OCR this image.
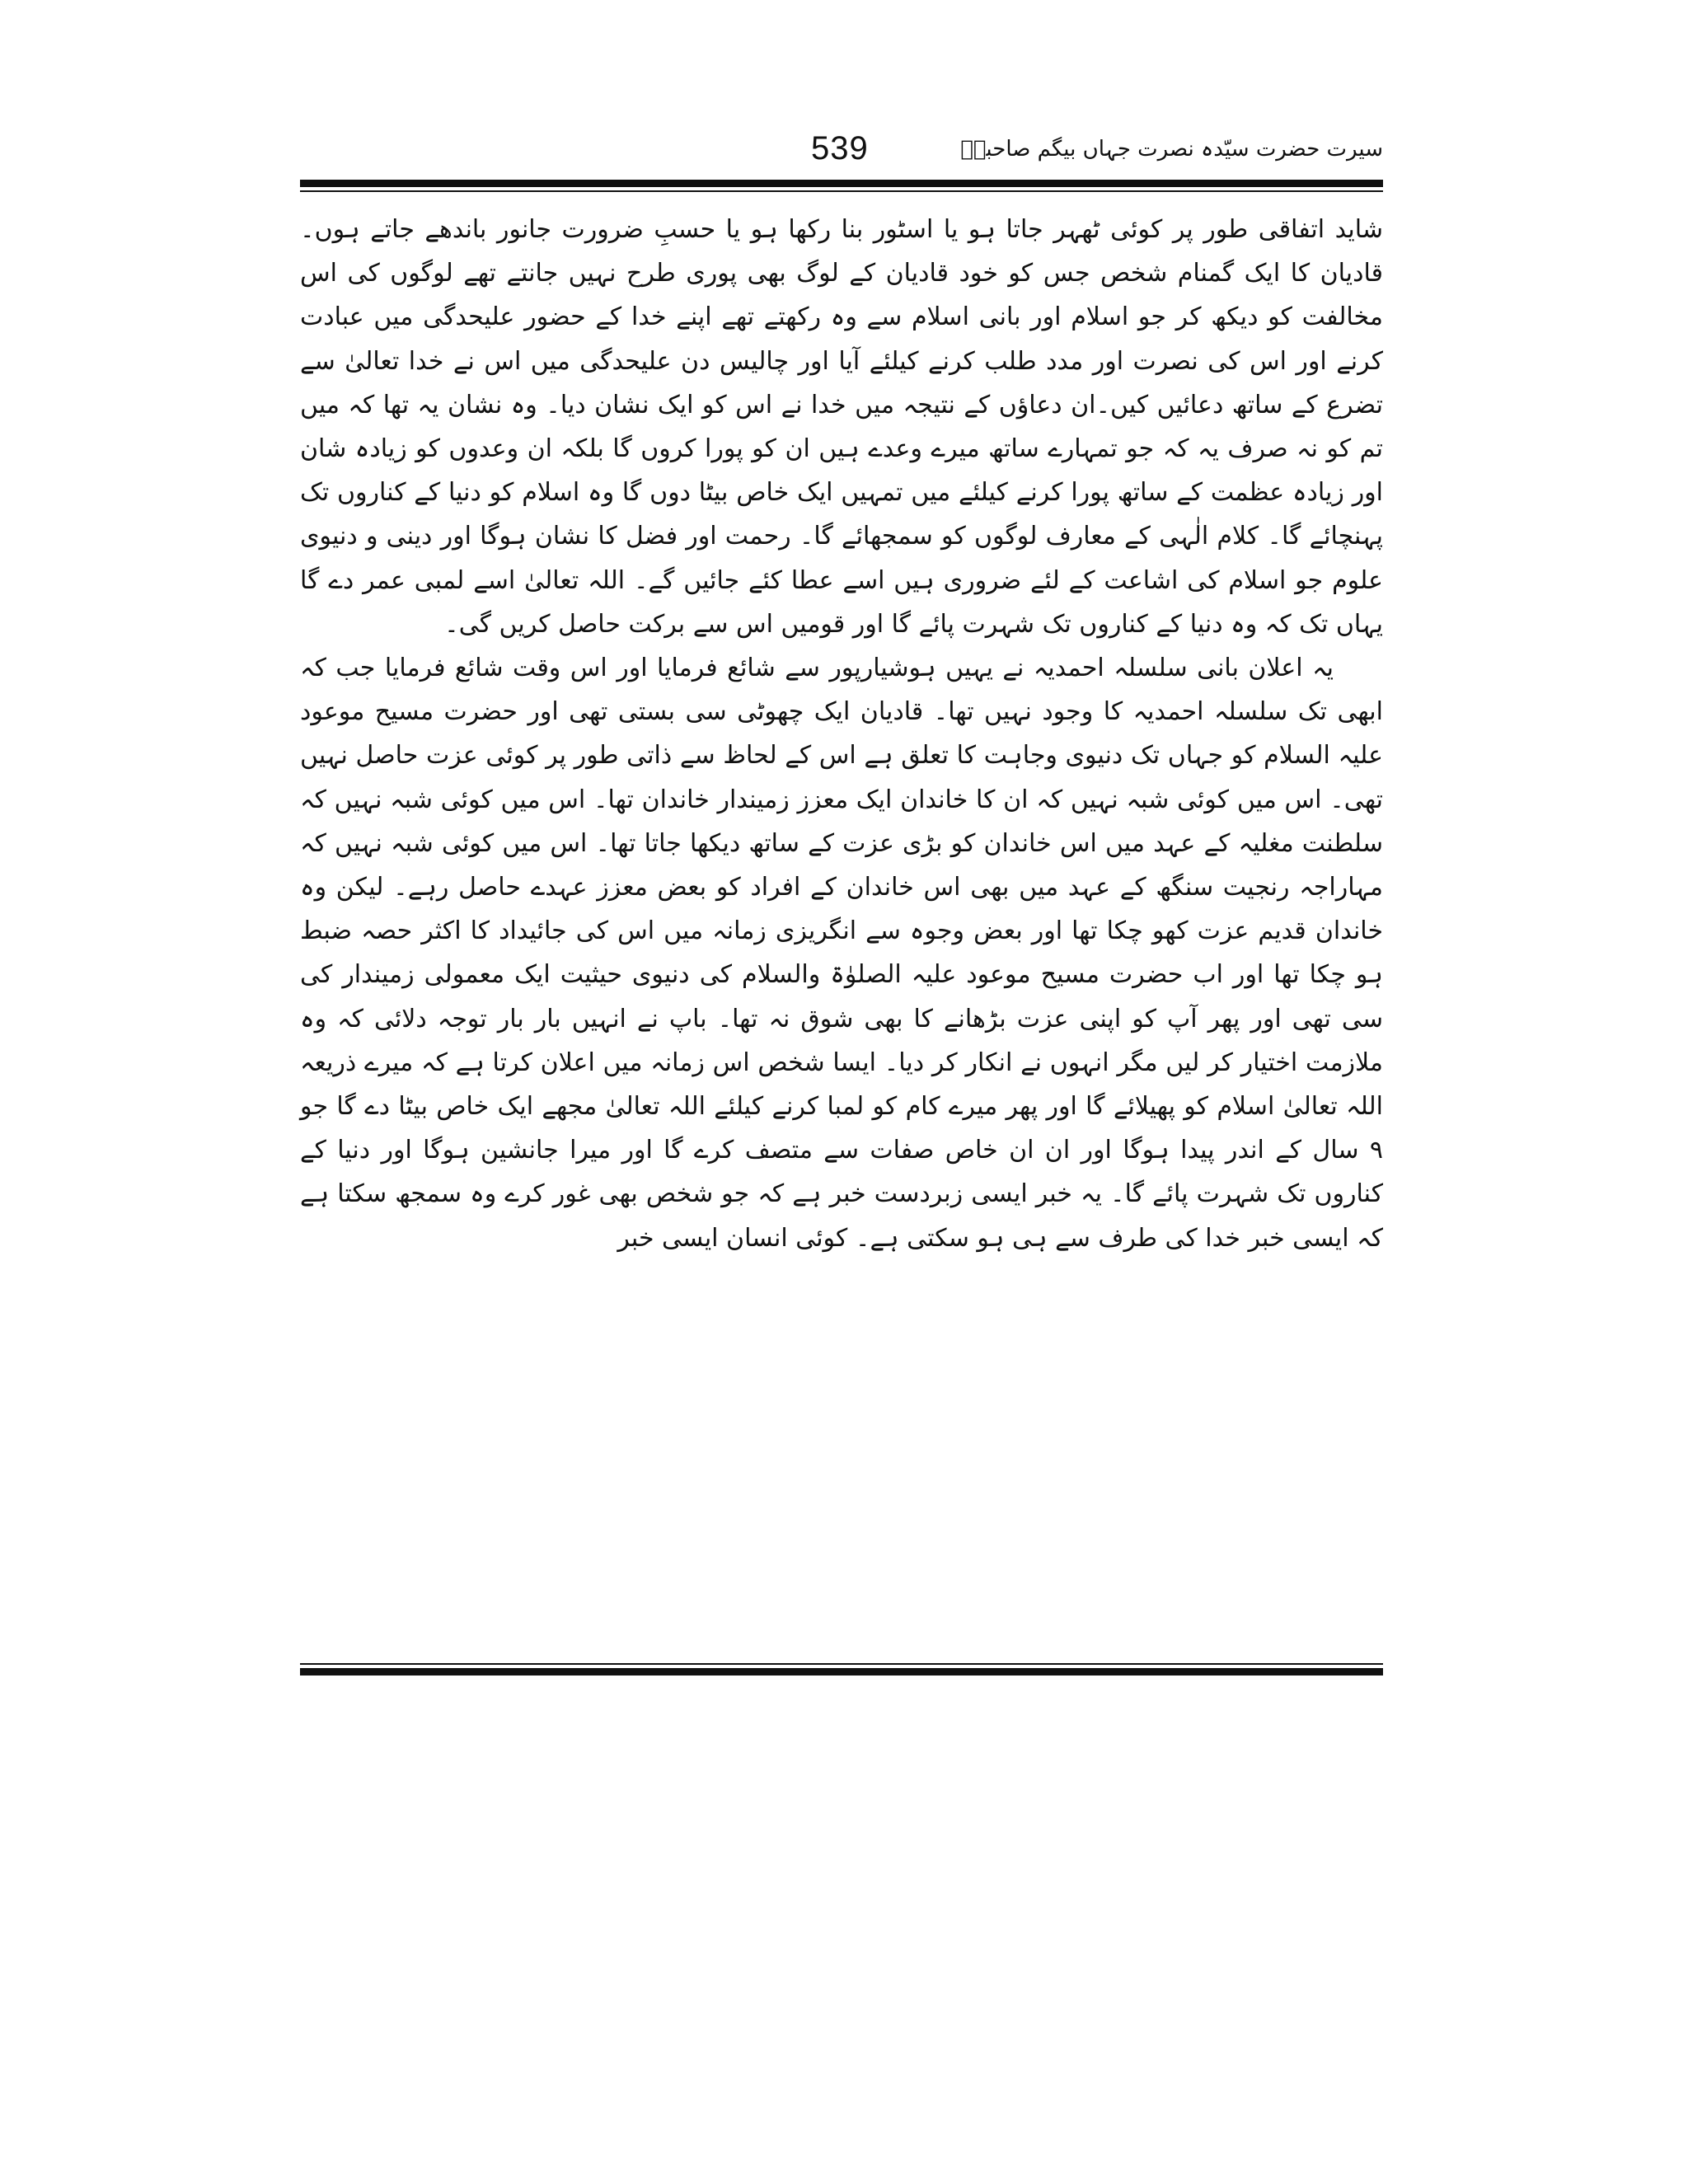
539	سیرت حضرت سیّدہ نصرت جہاں بیگم صاحبہؓ

شاید اتفاقی طور پر کوئی ٹھہر جاتا ہو یا اسٹور بنا رکھا ہو یا حسبِ ضرورت جانور باندھے جاتے ہوں۔ قادیان کا ایک گمنام شخص جس کو خود قادیان کے لوگ بھی پوری طرح نہیں جانتے تھے لوگوں کی اس مخالفت کو دیکھ کر جو اسلام اور بانی اسلام سے وہ رکھتے تھے اپنے خدا کے حضور علیحدگی میں عبادت کرنے اور اس کی نصرت اور مدد طلب کرنے کیلئے آیا اور چالیس دن علیحدگی میں اس نے خدا تعالیٰ سے تضرع کے ساتھ دعائیں کیں۔ان دعاؤں کے نتیجہ میں خدا نے اس کو ایک نشان دیا۔ وہ نشان یہ تھا کہ میں تم کو نہ صرف یہ کہ جو تمہارے ساتھ میرے وعدے ہیں ان کو پورا کروں گا بلکہ ان وعدوں کو زیادہ شان اور زیادہ عظمت کے ساتھ پورا کرنے کیلئے میں تمہیں ایک خاص بیٹا دوں گا وہ اسلام کو دنیا کے کناروں تک پہنچائے گا۔ کلام الٰہی کے معارف لوگوں کو سمجھائے گا۔ رحمت اور فضل کا نشان ہوگا اور دینی و دنیوی علوم جو اسلام کی اشاعت کے لئے ضروری ہیں اسے عطا کئے جائیں گے۔ اللہ تعالیٰ اسے لمبی عمر دے گا یہاں تک کہ وہ دنیا کے کناروں تک شہرت پائے گا اور قومیں اس سے برکت حاصل کریں گی۔

یہ اعلان بانی سلسلہ احمدیہ نے یہیں ہوشیارپور سے شائع فرمایا اور اس وقت شائع فرمایا جب کہ ابھی تک سلسلہ احمدیہ کا وجود نہیں تھا۔ قادیان ایک چھوٹی سی بستی تھی اور حضرت مسیح موعود علیہ السلام کو جہاں تک دنیوی وجاہت کا تعلق ہے اس کے لحاظ سے ذاتی طور پر کوئی عزت حاصل نہیں تھی۔ اس میں کوئی شبہ نہیں کہ ان کا خاندان ایک معزز زمیندار خاندان تھا۔ اس میں کوئی شبہ نہیں کہ سلطنت مغلیہ کے عہد میں اس خاندان کو بڑی عزت کے ساتھ دیکھا جاتا تھا۔ اس میں کوئی شبہ نہیں کہ مہاراجہ رنجیت سنگھ کے عہد میں بھی اس خاندان کے افراد کو بعض معزز عہدے حاصل رہے۔ لیکن وہ خاندان قدیم عزت کھو چکا تھا اور بعض وجوہ سے انگریزی زمانہ میں اس کی جائیداد کا اکثر حصہ ضبط ہو چکا تھا اور اب حضرت مسیح موعود علیہ الصلوٰۃ والسلام کی دنیوی حیثیت ایک معمولی زمیندار کی سی تھی اور پھر آپ کو اپنی عزت بڑھانے کا بھی شوق نہ تھا۔ باپ نے انہیں بار بار توجہ دلائی کہ وہ ملازمت اختیار کر لیں مگر انہوں نے انکار کر دیا۔ ایسا شخص اس زمانہ میں اعلان کرتا ہے کہ میرے ذریعہ اللہ تعالیٰ اسلام کو پھیلائے گا اور پھر میرے کام کو لمبا کرنے کیلئے اللہ تعالیٰ مجھے ایک خاص بیٹا دے گا جو ۹ سال کے اندر پیدا ہوگا اور ان ان خاص صفات سے متصف کرے گا اور میرا جانشین ہوگا اور دنیا کے کناروں تک شہرت پائے گا۔ یہ خبر ایسی زبردست خبر ہے کہ جو شخص بھی غور کرے وہ سمجھ سکتا ہے کہ ایسی خبر خدا کی طرف سے ہی ہو سکتی ہے۔ کوئی انسان ایسی خبر
